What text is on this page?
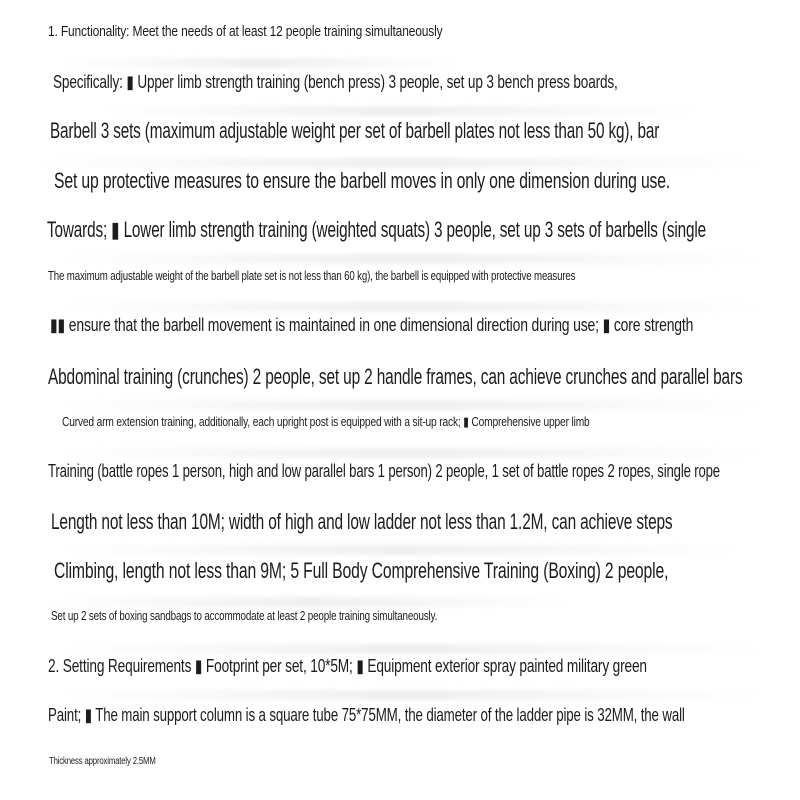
1. Functionality: Meet the needs of at least 12 people training simultaneously
Specifically: ▮ Upper limb strength training (bench press) 3 people, set up 3 bench press boards,
Barbell 3 sets (maximum adjustable weight per set of barbell plates not less than 50 kg), bar
Set up protective measures to ensure the barbell moves in only one dimension during use.
Towards; ▮ Lower limb strength training (weighted squats) 3 people, set up 3 sets of barbells (single
The maximum adjustable weight of the barbell plate set is not less than 60 kg), the barbell is equipped with protective measures
▮▮ ensure that the barbell movement is maintained in one dimensional direction during use; ▮ core strength
Abdominal training (crunches) 2 people, set up 2 handle frames, can achieve crunches and parallel bars
Curved arm extension training, additionally, each upright post is equipped with a sit-up rack; ▮ Comprehensive upper limb
Training (battle ropes 1 person, high and low parallel bars 1 person) 2 people, 1 set of battle ropes 2 ropes, single rope
Length not less than 10M; width of high and low ladder not less than 1.2M, can achieve steps
Climbing, length not less than 9M; 5 Full Body Comprehensive Training (Boxing) 2 people,
Set up 2 sets of boxing sandbags to accommodate at least 2 people training simultaneously.
2. Setting Requirements ▮ Footprint per set, 10*5M; ▮ Equipment exterior spray painted military green
Paint; ▮ The main support column is a square tube 75*75MM, the diameter of the ladder pipe is 32MM, the wall
Thickness approximately 2.5MM
